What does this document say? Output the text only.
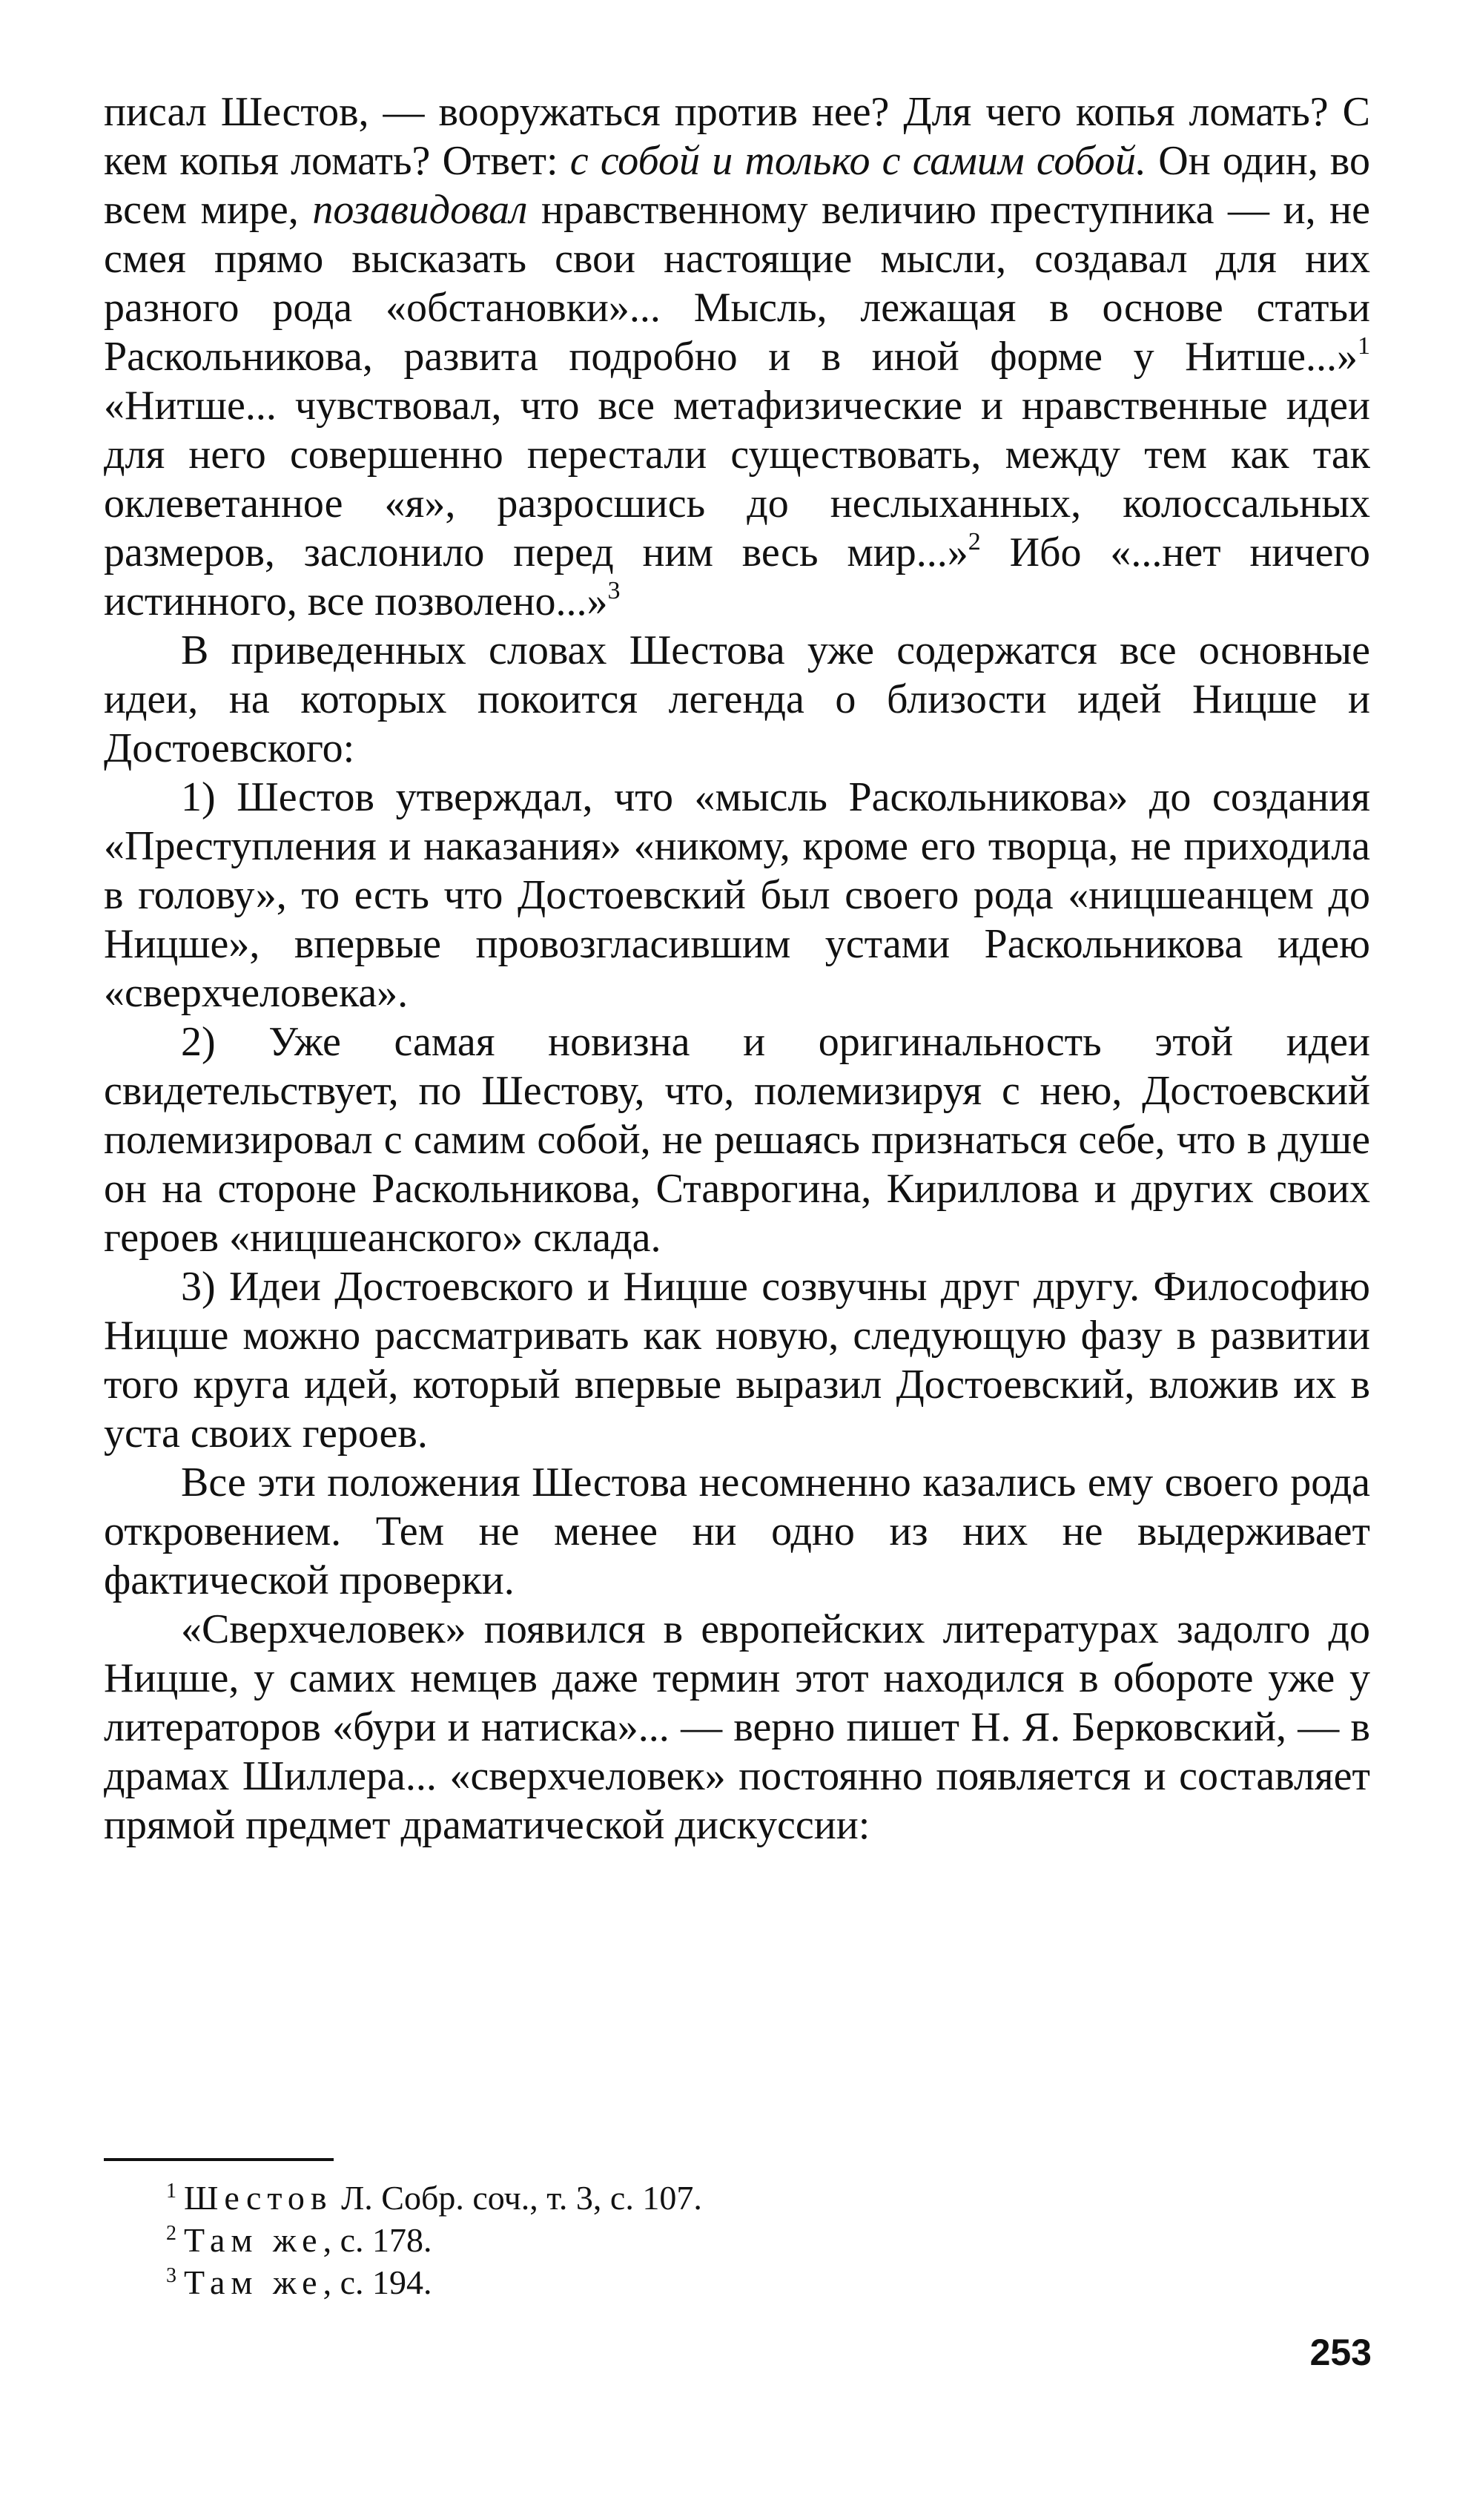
писал Шестов, — вооружаться против нее? Для чего копья ломать? С кем копья ломать? Ответ: с собой и только с самим собой. Он один, во всем мире, позавидовал нравственному величию преступника — и, не смея прямо высказать свои настоящие мысли, создавал для них разного рода «обстановки»... Мысль, лежащая в основе статьи Раскольникова, развита подробно и в иной форме у Нитше...»$^1$ «Нитше... чувствовал, что все метафизические и нравственные идеи для него совершенно перестали существовать, между тем как так оклеветанное «я», разросшись до неслыханных, колоссальных размеров, заслонило перед ним весь мир...»$^2$ Ибо «...нет ничего истинного, все позволено...»$^3$

В приведенных словах Шестова уже содержатся все основные идеи, на которых покоится легенда о близости идей Ницше и Достоевского:

1) Шестов утверждал, что «мысль Раскольникова» до создания «Преступления и наказания» «никому, кроме его творца, не приходила в голову», то есть что Достоевский был своего рода «ницшеанцем до Ницше», впервые провозгласившим устами Раскольникова идею «сверхчеловека».

2) Уже самая новизна и оригинальность этой идеи свидетельствует, по Шестову, что, полемизируя с нею, Достоевский полемизировал с самим собой, не решаясь признаться себе, что в душе он на стороне Раскольникова, Ставрогина, Кириллова и других своих героев «ницшеанского» склада.

3) Идеи Достоевского и Ницше созвучны друг другу. Философию Ницше можно рассматривать как новую, следующую фазу в развитии того круга идей, который впервые выразил Достоевский, вложив их в уста своих героев.

Все эти положения Шестова несомненно казались ему своего рода откровением. Тем не менее ни одно из них не выдерживает фактической проверки.

«Сверхчеловек» появился в европейских литературах задолго до Ницше, у самих немцев даже термин этот находился в обороте уже у литераторов «бури и натиска»... — верно пишет Н. Я. Берковский, — в драмах Шиллера... «сверхчеловек» постоянно появляется и составляет прямой предмет драматической дискуссии:

$^1$ Шестов Л. Собр. соч., т. 3, с. 107.
$^2$ Там же, с. 178.
$^3$ Там же, с. 194.
253
